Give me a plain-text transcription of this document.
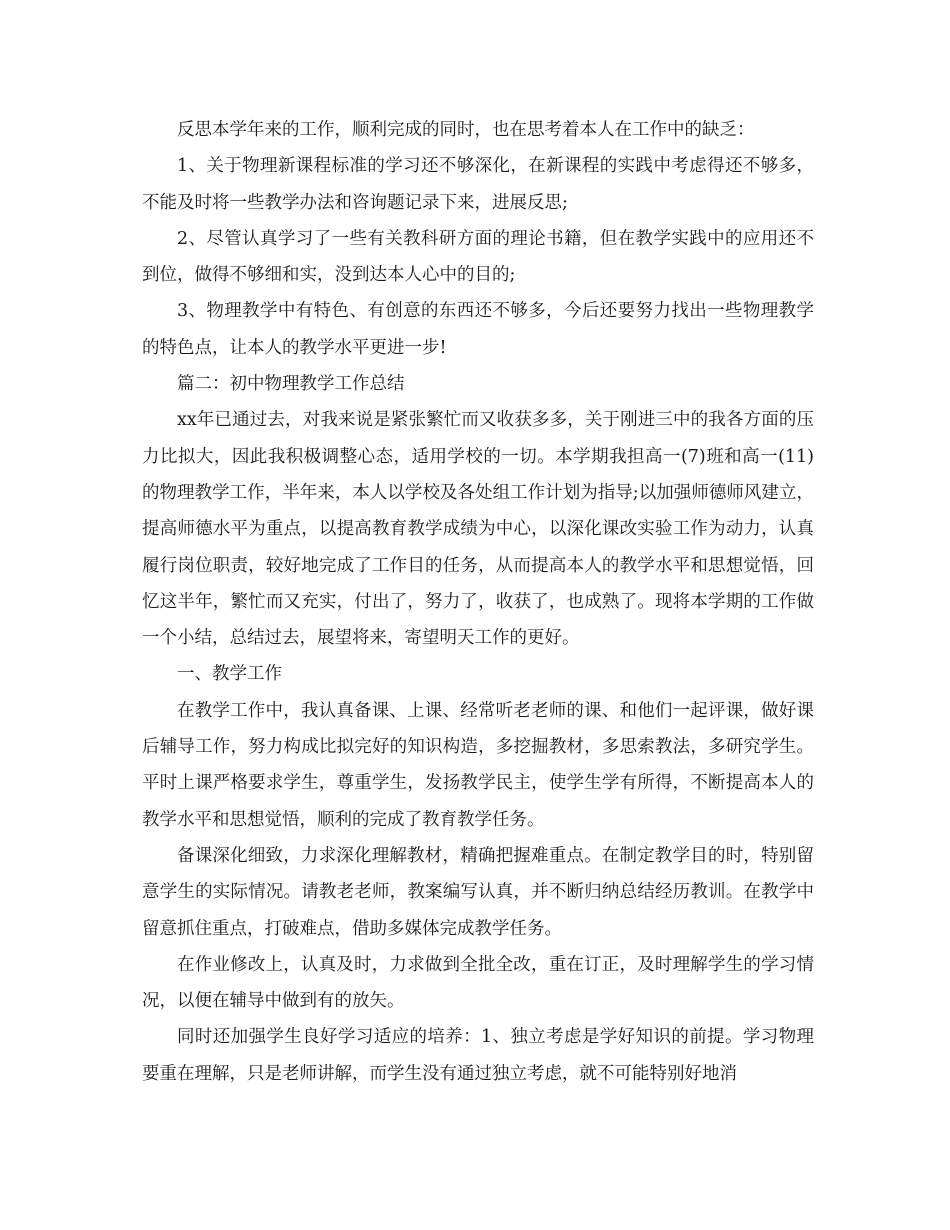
反思本学年来的工作，顺利完成的同时，也在思考着本人在工作中的缺乏：

1、关于物理新课程标准的学习还不够深化，在新课程的实践中考虑得还不够多，不能及时将一些教学办法和咨询题记录下来，进展反思;

2、尽管认真学习了一些有关教科研方面的理论书籍，但在教学实践中的应用还不到位，做得不够细和实，没到达本人心中的目的;

3、物理教学中有特色、有创意的东西还不够多，今后还要努力找出一些物理教学的特色点，让本人的教学水平更进一步!

篇二：初中物理教学工作总结

xx年已通过去，对我来说是紧张繁忙而又收获多多，关于刚进三中的我各方面的压力比拟大，因此我积极调整心态，适用学校的一切。本学期我担高一(7)班和高一(11)的物理教学工作，半年来，本人以学校及各处组工作计划为指导;以加强师德师风建立，提高师德水平为重点，以提高教育教学成绩为中心，以深化课改实验工作为动力，认真履行岗位职责，较好地完成了工作目的任务，从而提高本人的教学水平和思想觉悟，回忆这半年，繁忙而又充实，付出了，努力了，收获了，也成熟了。现将本学期的工作做一个小结，总结过去，展望将来，寄望明天工作的更好。

一、教学工作

在教学工作中，我认真备课、上课、经常听老老师的课、和他们一起评课，做好课后辅导工作，努力构成比拟完好的知识构造，多挖掘教材，多思索教法，多研究学生。平时上课严格要求学生，尊重学生，发扬教学民主，使学生学有所得，不断提高本人的教学水平和思想觉悟，顺利的完成了教育教学任务。

备课深化细致，力求深化理解教材，精确把握难重点。在制定教学目的时，特别留意学生的实际情况。请教老老师，教案编写认真，并不断归纳总结经历教训。在教学中留意抓住重点，打破难点，借助多媒体完成教学任务。

在作业修改上，认真及时，力求做到全批全改，重在订正，及时理解学生的学习情况，以便在辅导中做到有的放矢。

同时还加强学生良好学习适应的培养：1、独立考虑是学好知识的前提。学习物理要重在理解，只是老师讲解，而学生没有通过独立考虑，就不可能特别好地消
